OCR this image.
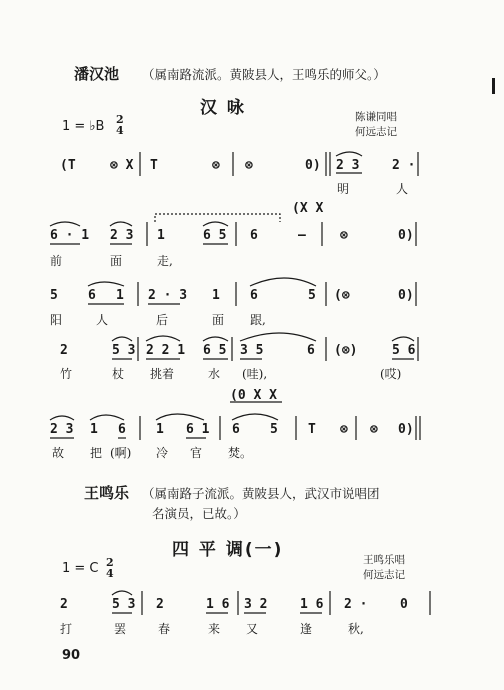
潘汉池 （属南路流派。黄陂县人，王鸣乐的师父。）
汉 咏
1 = ♭B 2
4
陈谦同唱
何远志记
(T	⊗ X T	⊗ ⊗	0) 2 3	2 ·
明	人
(X X
6 · 1 2 3 1	6 5 6	—	⊗	0)
前	面	走,
5 6 1 2 · 3 1 6	5 (⊗	0)
阳	人	后	面 跟,
2	5 3 2 2 1 6 5 3 5	6 (⊗)	5 6
竹	杖 挑着	水 (哇),	(哎)
(0 X X
2 3 1 6 1 6 1 6 5 T ⊗ ⊗ 0)
故 把 (啊) 冷 官 焚。
王鸣乐 （属南路子流派。黄陂县人，武汉市说唱团
名演员，已故。）
四 平 调(一)
1 = C 2
4
王鸣乐唱
何远志记
2	5 3 2	1 6 3 2	1 6 2 ·	0
打	罢	春	来 又	逢	秋,
90
